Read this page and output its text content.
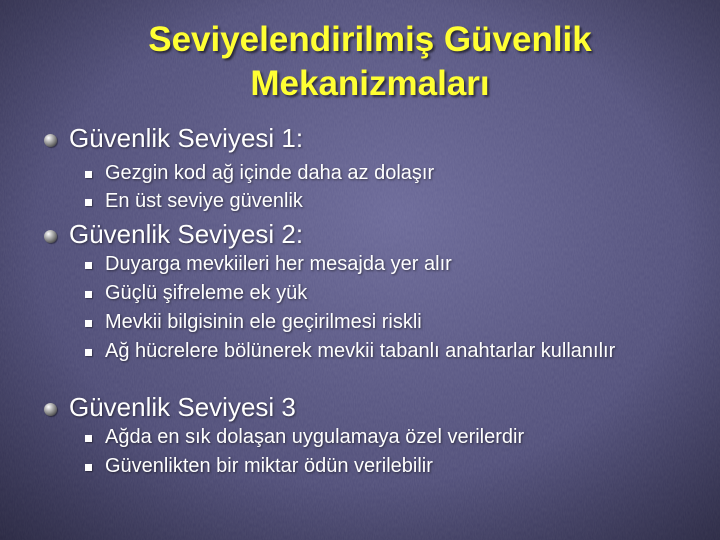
Seviyelendirilmiş Güvenlik
Mekanizmaları
Güvenlik Seviyesi 1:
Gezgin kod ağ içinde daha az dolaşır
En üst seviye güvenlik
Güvenlik Seviyesi 2:
Duyarga mevkiileri her mesajda yer alır
Güçlü şifreleme ek yük
Mevkii bilgisinin ele geçirilmesi riskli
Ağ hücrelere bölünerek mevkii tabanlı anahtarlar kullanılır
Güvenlik Seviyesi 3
Ağda en sık dolaşan uygulamaya özel verilerdir
Güvenlikten bir miktar ödün verilebilir
